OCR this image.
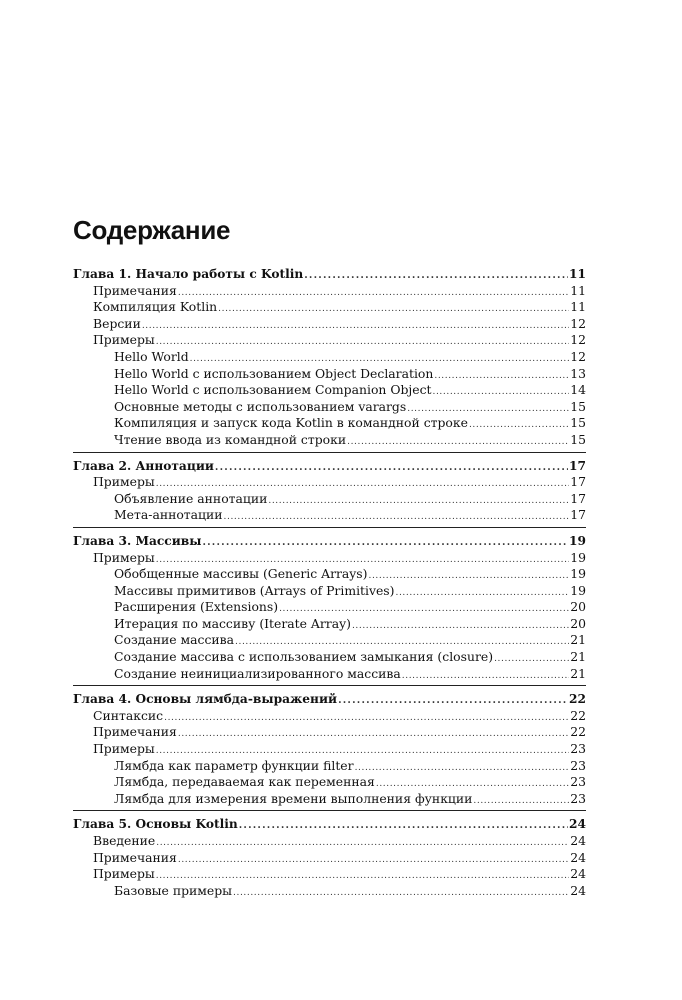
Содержание
Глава 1. Начало работы с Kotlin .....	11
Примечания .....	11
Компиляция Kotlin .....	11
Версии .....	12
Примеры .....	12
Hello World .....	12
Hello World с использованием Object Declaration .....	13
Hello World с использованием Companion Object .....	14
Основные методы с использованием varargs .....	15
Компиляция и запуск кода Kotlin в командной строке .....	15
Чтение ввода из командной строки .....	15
Глава 2. Аннотации .....	17
Примеры .....	17
Объявление аннотации .....	17
Мета-аннотации .....	17
Глава 3. Массивы .....	19
Примеры .....	19
Обобщенные массивы (Generic Arrays) .....	19
Массивы примитивов (Arrays of Primitives) .....	19
Расширения (Extensions) .....	20
Итерация по массиву (Iterate Array) .....	20
Создание массива .....	21
Создание массива с использованием замыкания (closure) .....	21
Создание неинициализированного массива .....	21
Глава 4. Основы лямбда-выражений .....	22
Синтаксис .....	22
Примечания .....	22
Примеры .....	23
Лямбда как параметр функции filter .....	23
Лямбда, передаваемая как переменная .....	23
Лямбда для измерения времени выполнения функции .....	23
Глава 5. Основы Kotlin .....	24
Введение .....	24
Примечания .....	24
Примеры .....	24
Базовые примеры .....	24
